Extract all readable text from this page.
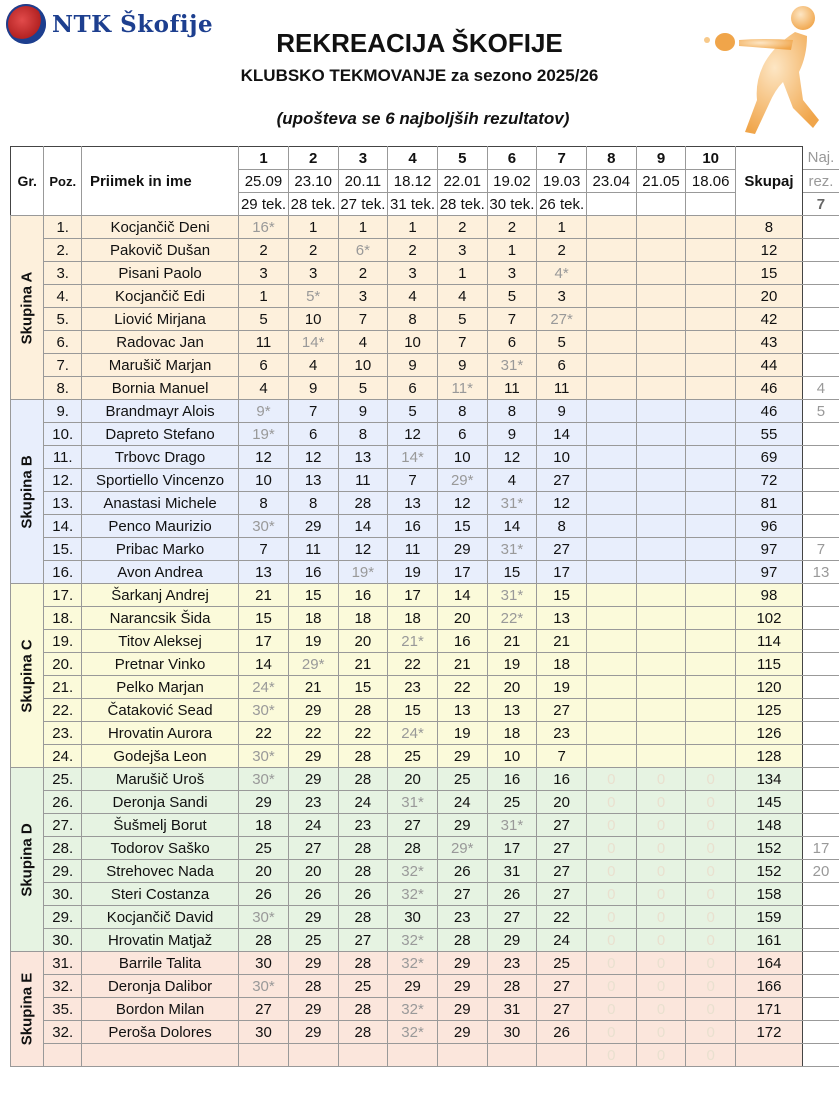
NTK Škofije
REKREACIJA ŠKOFIJE
KLUBSKO TEKMOVANJE za sezono 2025/26
(upošteva se 6 najboljših rezultatov)
Gr.	Poz.	Priimek in ime	1	2	3	4	5	6	7	8	9	10	Skupaj	Naj.
			25.09	23.10	20.11	18.12	22.01	19.02	19.03	23.04	21.05	18.06		rez.
			29 tek.	28 tek.	27 tek.	31 tek.	28 tek.	30 tek.	26 tek.					7

Skupina A	1.	Kocjančič Deni	16*	1	1	1	2	2	1				8	
	2.	Pakovič Dušan	2	2	6*	2	3	1	2				12	
	3.	Pisani Paolo	3	3	2	3	1	3	4*				15	
	4.	Kocjančič Edi	1	5*	3	4	4	5	3				20	
	5.	Liović Mirjana	5	10	7	8	5	7	27*				42	
	6.	Radovac Jan	11	14*	4	10	7	6	5				43	
	7.	Marušič Marjan	6	4	10	9	9	31*	6				44	
	8.	Bornia Manuel	4	9	5	6	11*	11	11				46	4

Skupina B	9.	Brandmayr Alois	9*	7	9	5	8	8	9				46	5
	10.	Dapreto Stefano	19*	6	8	12	6	9	14				55	
	11.	Trbovc Drago	12	12	13	14*	10	12	10				69	
	12.	Sportiello Vincenzo	10	13	11	7	29*	4	27				72	
	13.	Anastasi Michele	8	8	28	13	12	31*	12				81	
	14.	Penco Maurizio	30*	29	14	16	15	14	8				96	
	15.	Pribac Marko	7	11	12	11	29	31*	27				97	7
	16.	Avon Andrea	13	16	19*	19	17	15	17				97	13

Skupina C	17.	Šarkanj Andrej	21	15	16	17	14	31*	15				98	
	18.	Narancsik Šida	15	18	18	18	20	22*	13				102	
	19.	Titov Aleksej	17	19	20	21*	16	21	21				114	
	20.	Pretnar Vinko	14	29*	21	22	21	19	18				115	
	21.	Pelko Marjan	24*	21	15	23	22	20	19				120	
	22.	Čataković Sead	30*	29	28	15	13	13	27				125	
	23.	Hrovatin Aurora	22	22	22	24*	19	18	23				126	
	24.	Godejša Leon	30*	29	28	25	29	10	7				128	

Skupina D	25.	Marušič Uroš	30*	29	28	20	25	16	16	0	0	0	134	
	26.	Deronja Sandi	29	23	24	31*	24	25	20	0	0	0	145	
	27.	Šušmelj Borut	18	24	23	27	29	31*	27	0	0	0	148	
	28.	Todorov Saško	25	27	28	28	29*	17	27	0	0	0	152	17
	29.	Strehovec Nada	20	20	28	32*	26	31	27	0	0	0	152	20
	30.	Steri Costanza	26	26	26	32*	27	26	27	0	0	0	158	
	29.	Kocjančič David	30*	29	28	30	23	27	22	0	0	0	159	
	30.	Hrovatin Matjaž	28	25	27	32*	28	29	24	0	0	0	161	

Skupina E	31.	Barrile Talita	30	29	28	32*	29	23	25	0	0	0	164	
	32.	Deronja Dalibor	30*	28	25	29	29	28	27	0	0	0	166	
	35.	Bordon Milan	27	29	28	32*	29	31	27	0	0	0	171	
	32.	Peroša Dolores	30	29	28	32*	29	30	26	0	0	0	172	
										0	0	0		
